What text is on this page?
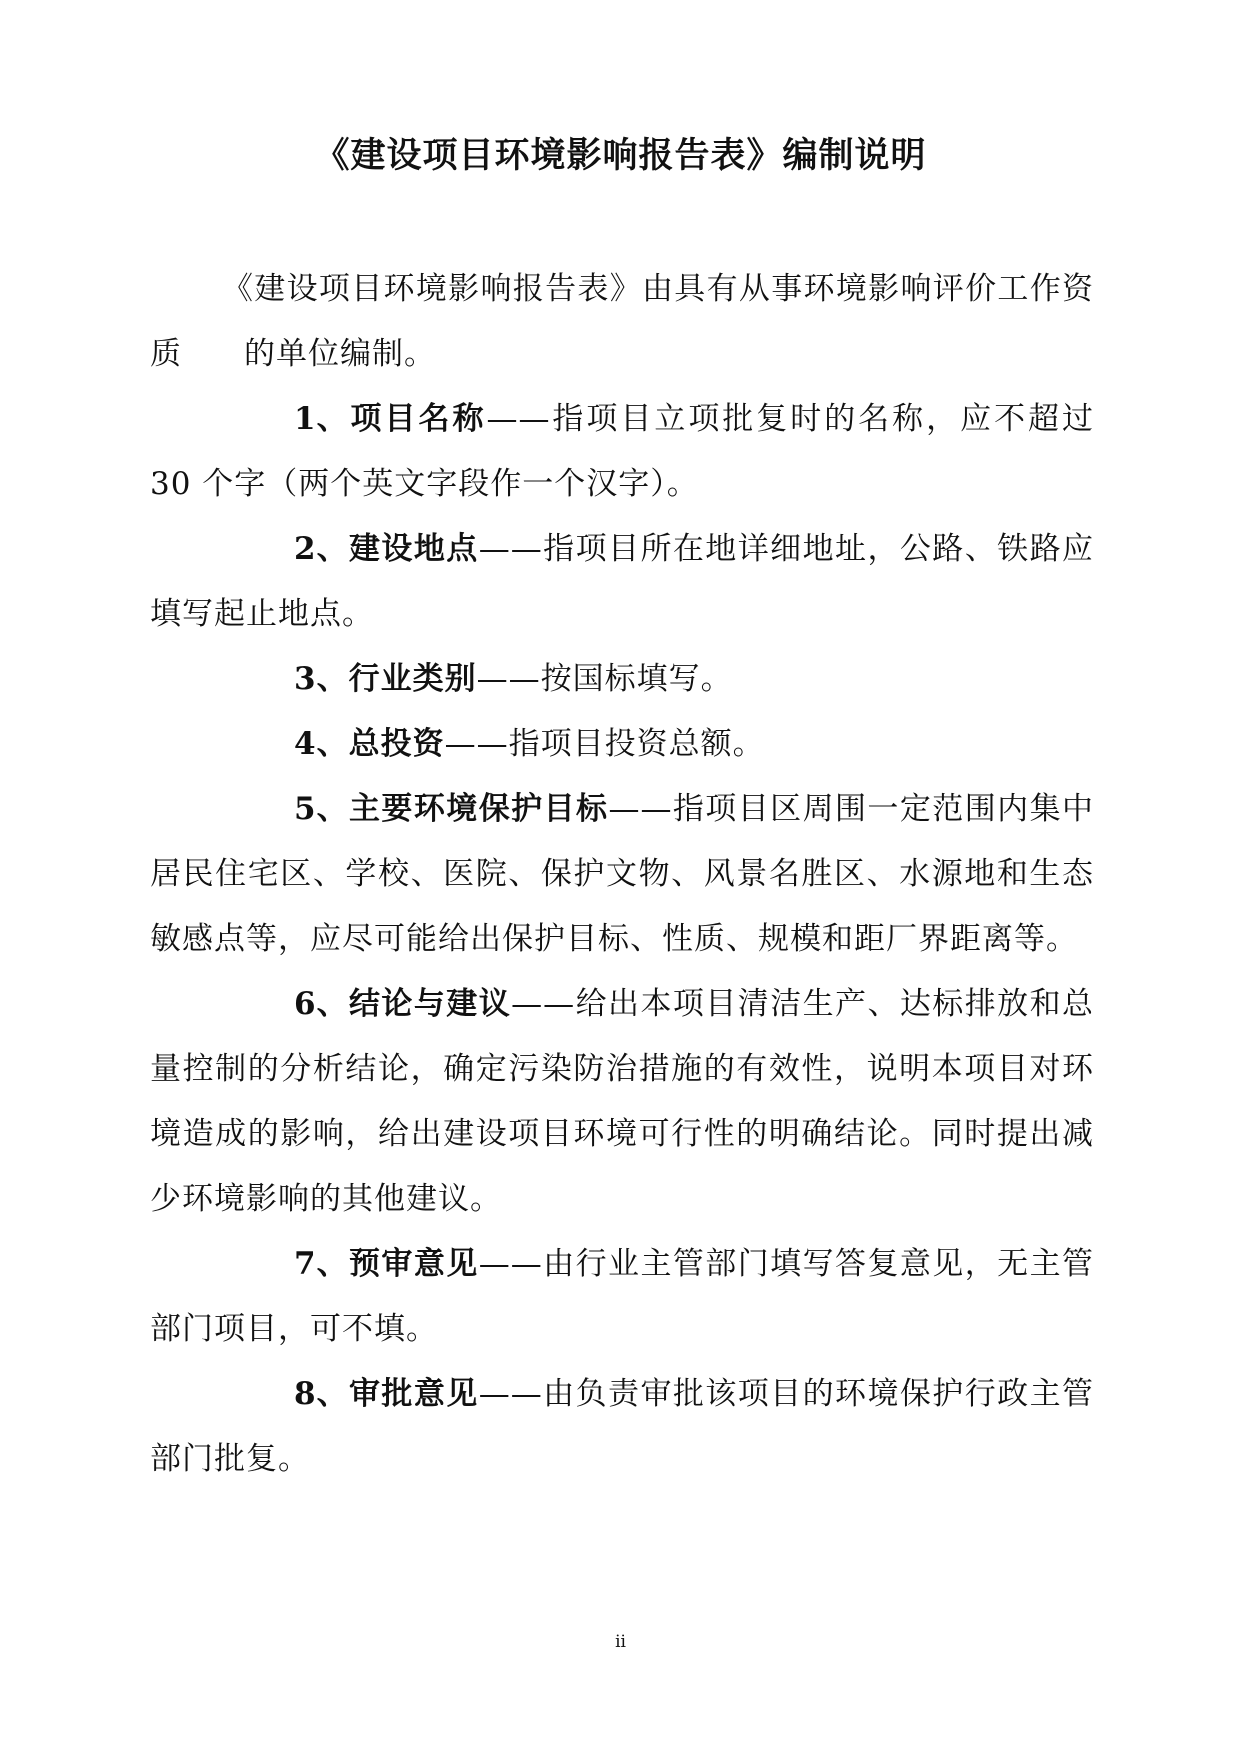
《建设项目环境影响报告表》编制说明

《建设项目环境影响报告表》由具有从事环境影响评价工作资质 的单位编制。

1、项目名称——指项目立项批复时的名称，应不超过 30 个字（两个英文字段作一个汉字）。

2、建设地点——指项目所在地详细地址，公路、铁路应填写起止地点。

3、行业类别——按国标填写。

4、总投资——指项目投资总额。

5、主要环境保护目标——指项目区周围一定范围内集中居民住宅区、学校、医院、保护文物、风景名胜区、水源地和生态敏感点等，应尽可能给出保护目标、性质、规模和距厂界距离等。

6、结论与建议——给出本项目清洁生产、达标排放和总量控制的分析结论，确定污染防治措施的有效性，说明本项目对环境造成的影响，给出建设项目环境可行性的明确结论。同时提出减少环境影响的其他建议。

7、预审意见——由行业主管部门填写答复意见，无主管部门项目，可不填。

8、审批意见——由负责审批该项目的环境保护行政主管部门批复。

ii
